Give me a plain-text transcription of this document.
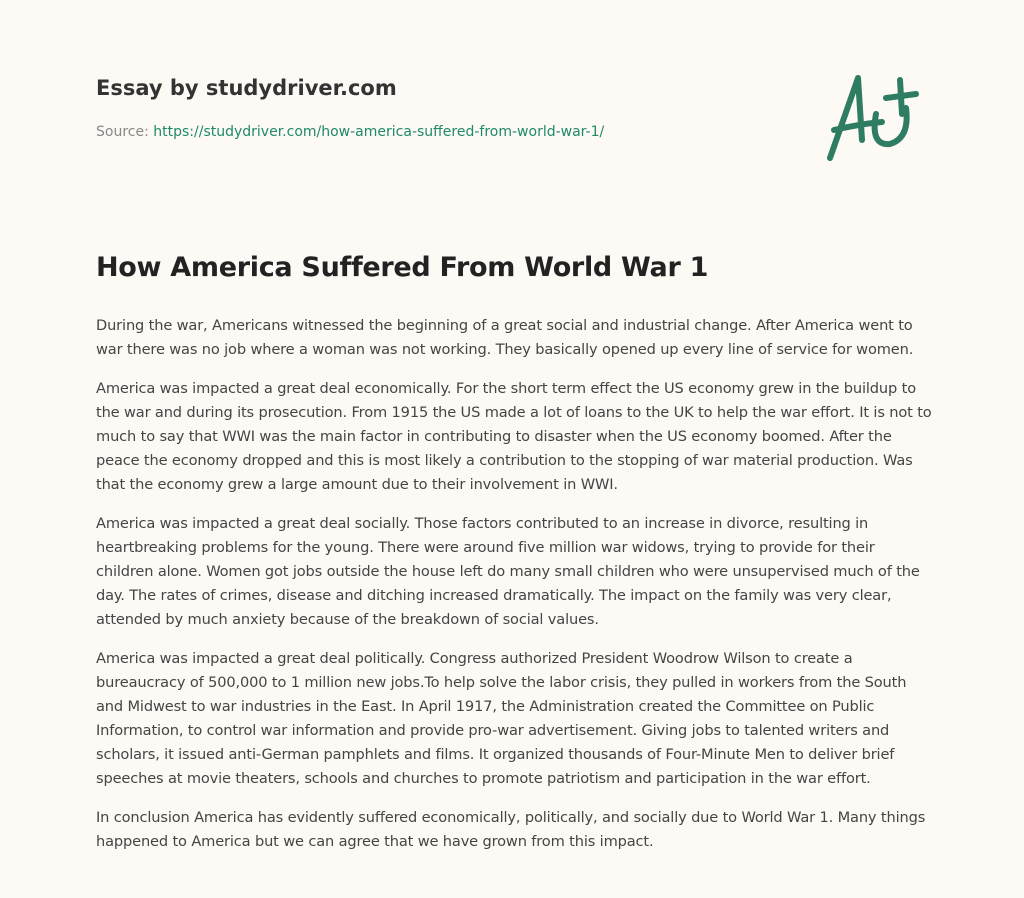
Essay by studydriver.com
Source: https://studydriver.com/how-america-suffered-from-world-war-1/
How America Suffered From World War 1

During the war, Americans witnessed the beginning of a great social and industrial change. After America went to war there was no job where a woman was not working. They basically opened up every line of service for women.

America was impacted a great deal economically. For the short term effect the US economy grew in the buildup to the war and during its prosecution. From 1915 the US made a lot of loans to the UK to help the war effort. It is not to much to say that WWI was the main factor in contributing to disaster when the US economy boomed. After the peace the economy dropped and this is most likely a contribution to the stopping of war material production. Was that the economy grew a large amount due to their involvement in WWI.

America was impacted a great deal socially. Those factors contributed to an increase in divorce, resulting in heartbreaking problems for the young. There were around five million war widows, trying to provide for their children alone. Women got jobs outside the house left do many small children who were unsupervised much of the day. The rates of crimes, disease and ditching increased dramatically. The impact on the family was very clear, attended by much anxiety because of the breakdown of social values.

America was impacted a great deal politically. Congress authorized President Woodrow Wilson to create a bureaucracy of 500,000 to 1 million new jobs.To help solve the labor crisis, they pulled in workers from the South and Midwest to war industries in the East. In April 1917, the Administration created the Committee on Public Information, to control war information and provide pro-war advertisement. Giving jobs to talented writers and scholars, it issued anti-German pamphlets and films. It organized thousands of Four-Minute Men to deliver brief speeches at movie theaters, schools and churches to promote patriotism and participation in the war effort.

In conclusion America has evidently suffered economically, politically, and socially due to World War 1. Many things happened to America but we can agree that we have grown from this impact.
